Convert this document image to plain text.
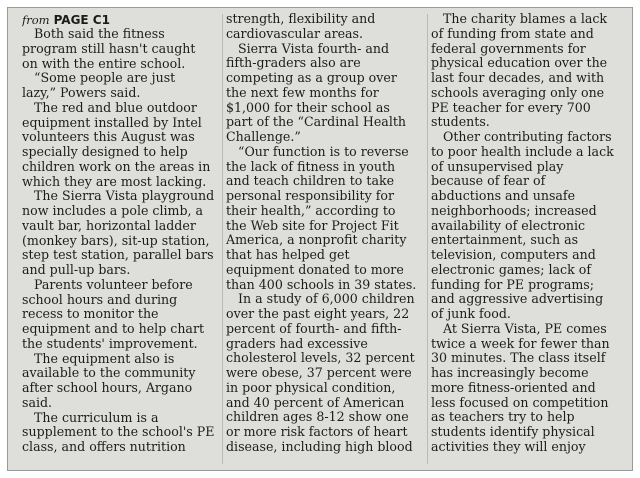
from PAGE C1
Both said the fitness
program still hasn't caught
on with the entire school.
“Some people are just
lazy,” Powers said.
The red and blue outdoor
equipment installed by Intel
volunteers this August was
specially designed to help
children work on the areas in
which they are most lacking.
The Sierra Vista playground
now includes a pole climb, a
vault bar, horizontal ladder
(monkey bars), sit-up station,
step test station, parallel bars
and pull-up bars.
Parents volunteer before
school hours and during
recess to monitor the
equipment and to help chart
the students' improvement.
The equipment also is
available to the community
after school hours, Argano
said.
The curriculum is a
supplement to the school's PE
class, and offers nutrition
strength, flexibility and
cardiovascular areas.
Sierra Vista fourth- and
fifth-graders also are
competing as a group over
the next few months for
$1,000 for their school as
part of the “Cardinal Health
Challenge.”
“Our function is to reverse
the lack of fitness in youth
and teach children to take
personal responsibility for
their health,” according to
the Web site for Project Fit
America, a nonprofit charity
that has helped get
equipment donated to more
than 400 schools in 39 states.
In a study of 6,000 children
over the past eight years, 22
percent of fourth- and fifth-
graders had excessive
cholesterol levels, 32 percent
were obese, 37 percent were
in poor physical condition,
and 40 percent of American
children ages 8-12 show one
or more risk factors of heart
disease, including high blood
The charity blames a lack
of funding from state and
federal governments for
physical education over the
last four decades, and with
schools averaging only one
PE teacher for every 700
students.
Other contributing factors
to poor health include a lack
of unsupervised play
because of fear of
abductions and unsafe
neighborhoods; increased
availability of electronic
entertainment, such as
television, computers and
electronic games; lack of
funding for PE programs;
and aggressive advertising
of junk food.
At Sierra Vista, PE comes
twice a week for fewer than
30 minutes. The class itself
has increasingly become
more fitness-oriented and
less focused on competition
as teachers try to help
students identify physical
activities they will enjoy
